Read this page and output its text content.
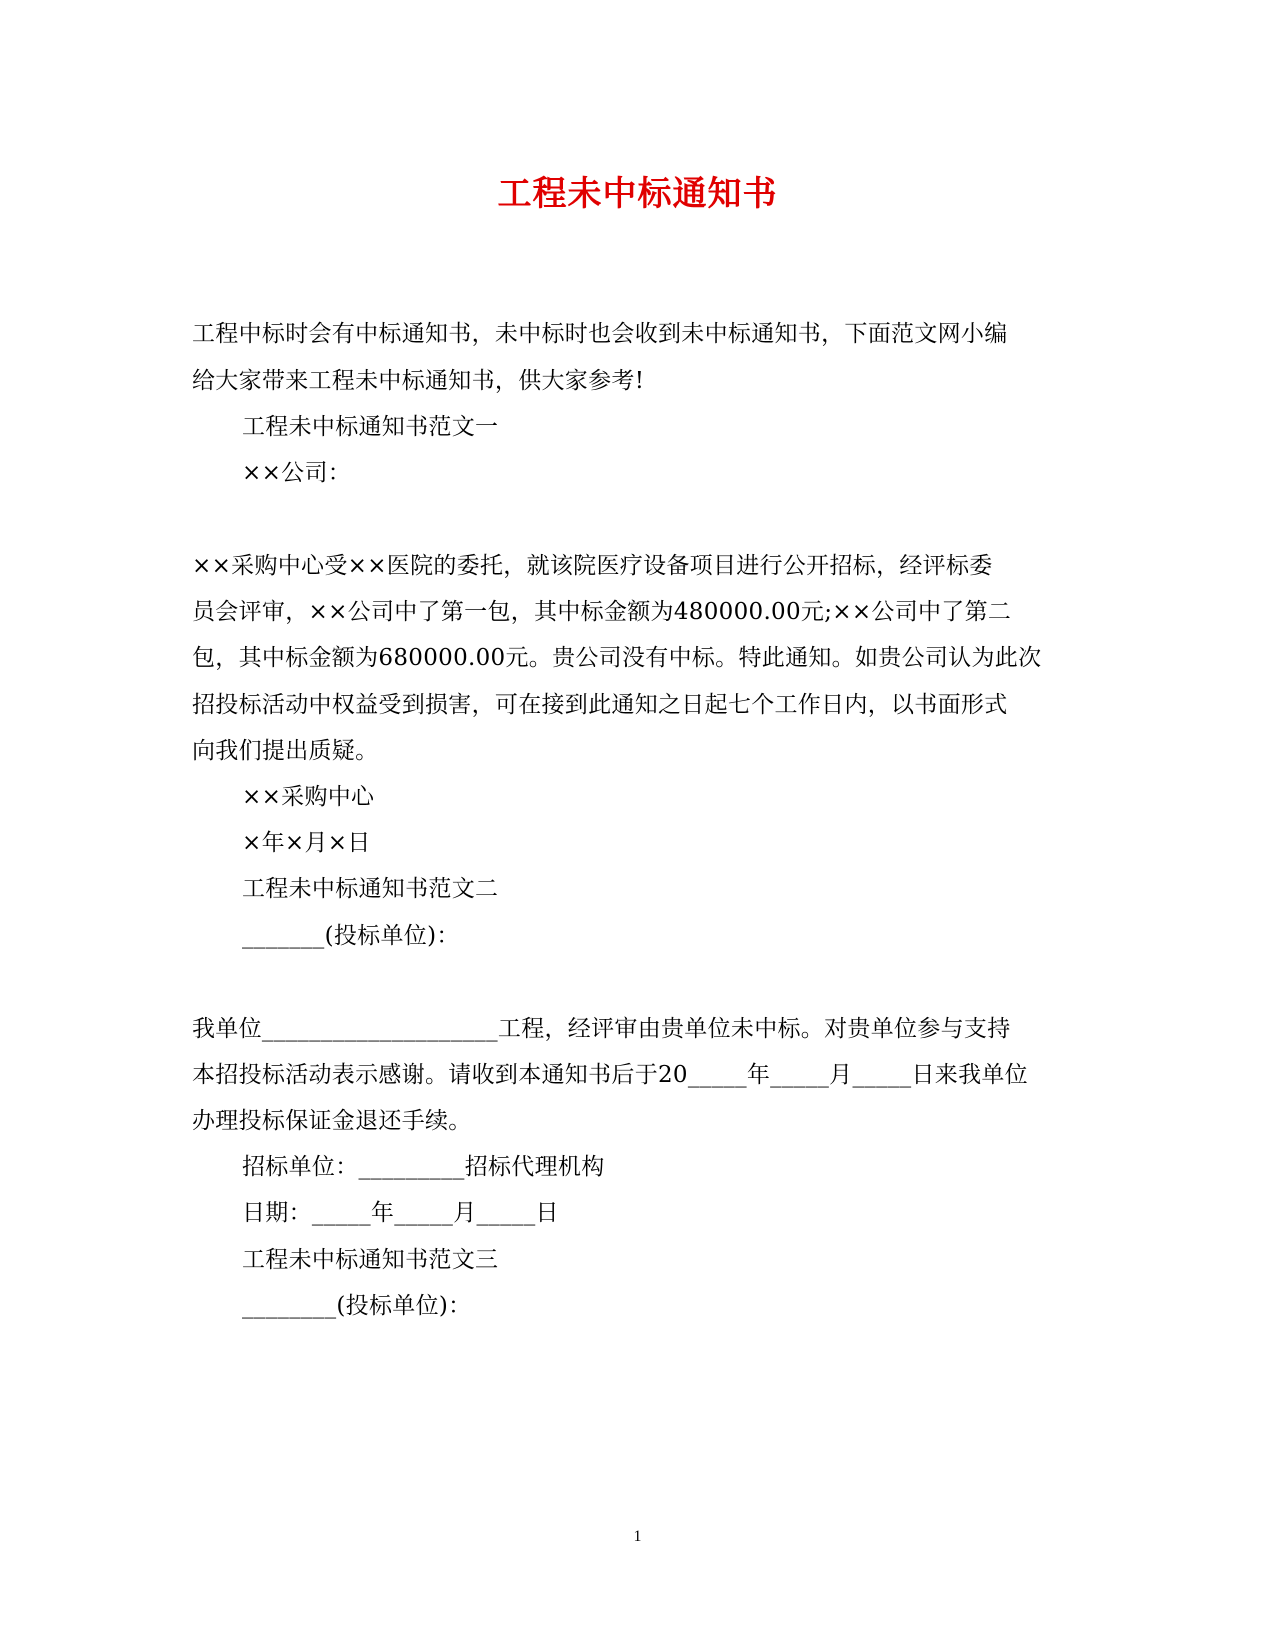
工程未中标通知书
工程中标时会有中标通知书，未中标时也会收到未中标通知书，下面范文网小编
给大家带来工程未中标通知书，供大家参考!
工程未中标通知书范文一
××公司：
××采购中心受××医院的委托，就该院医疗设备项目进行公开招标，经评标委
员会评审，××公司中了第一包，其中标金额为480000.00元;××公司中了第二
包，其中标金额为680000.00元。贵公司没有中标。特此通知。如贵公司认为此次
招投标活动中权益受到损害，可在接到此通知之日起七个工作日内，以书面形式
向我们提出质疑。
××采购中心
×年×月×日
工程未中标通知书范文二
_______(投标单位)：
我单位____________________工程，经评审由贵单位未中标。对贵单位参与支持
本招投标活动表示感谢。请收到本通知书后于20_____年_____月_____日来我单位
办理投标保证金退还手续。
招标单位：_________招标代理机构
日期：_____年_____月_____日
工程未中标通知书范文三
________(投标单位)：
1
